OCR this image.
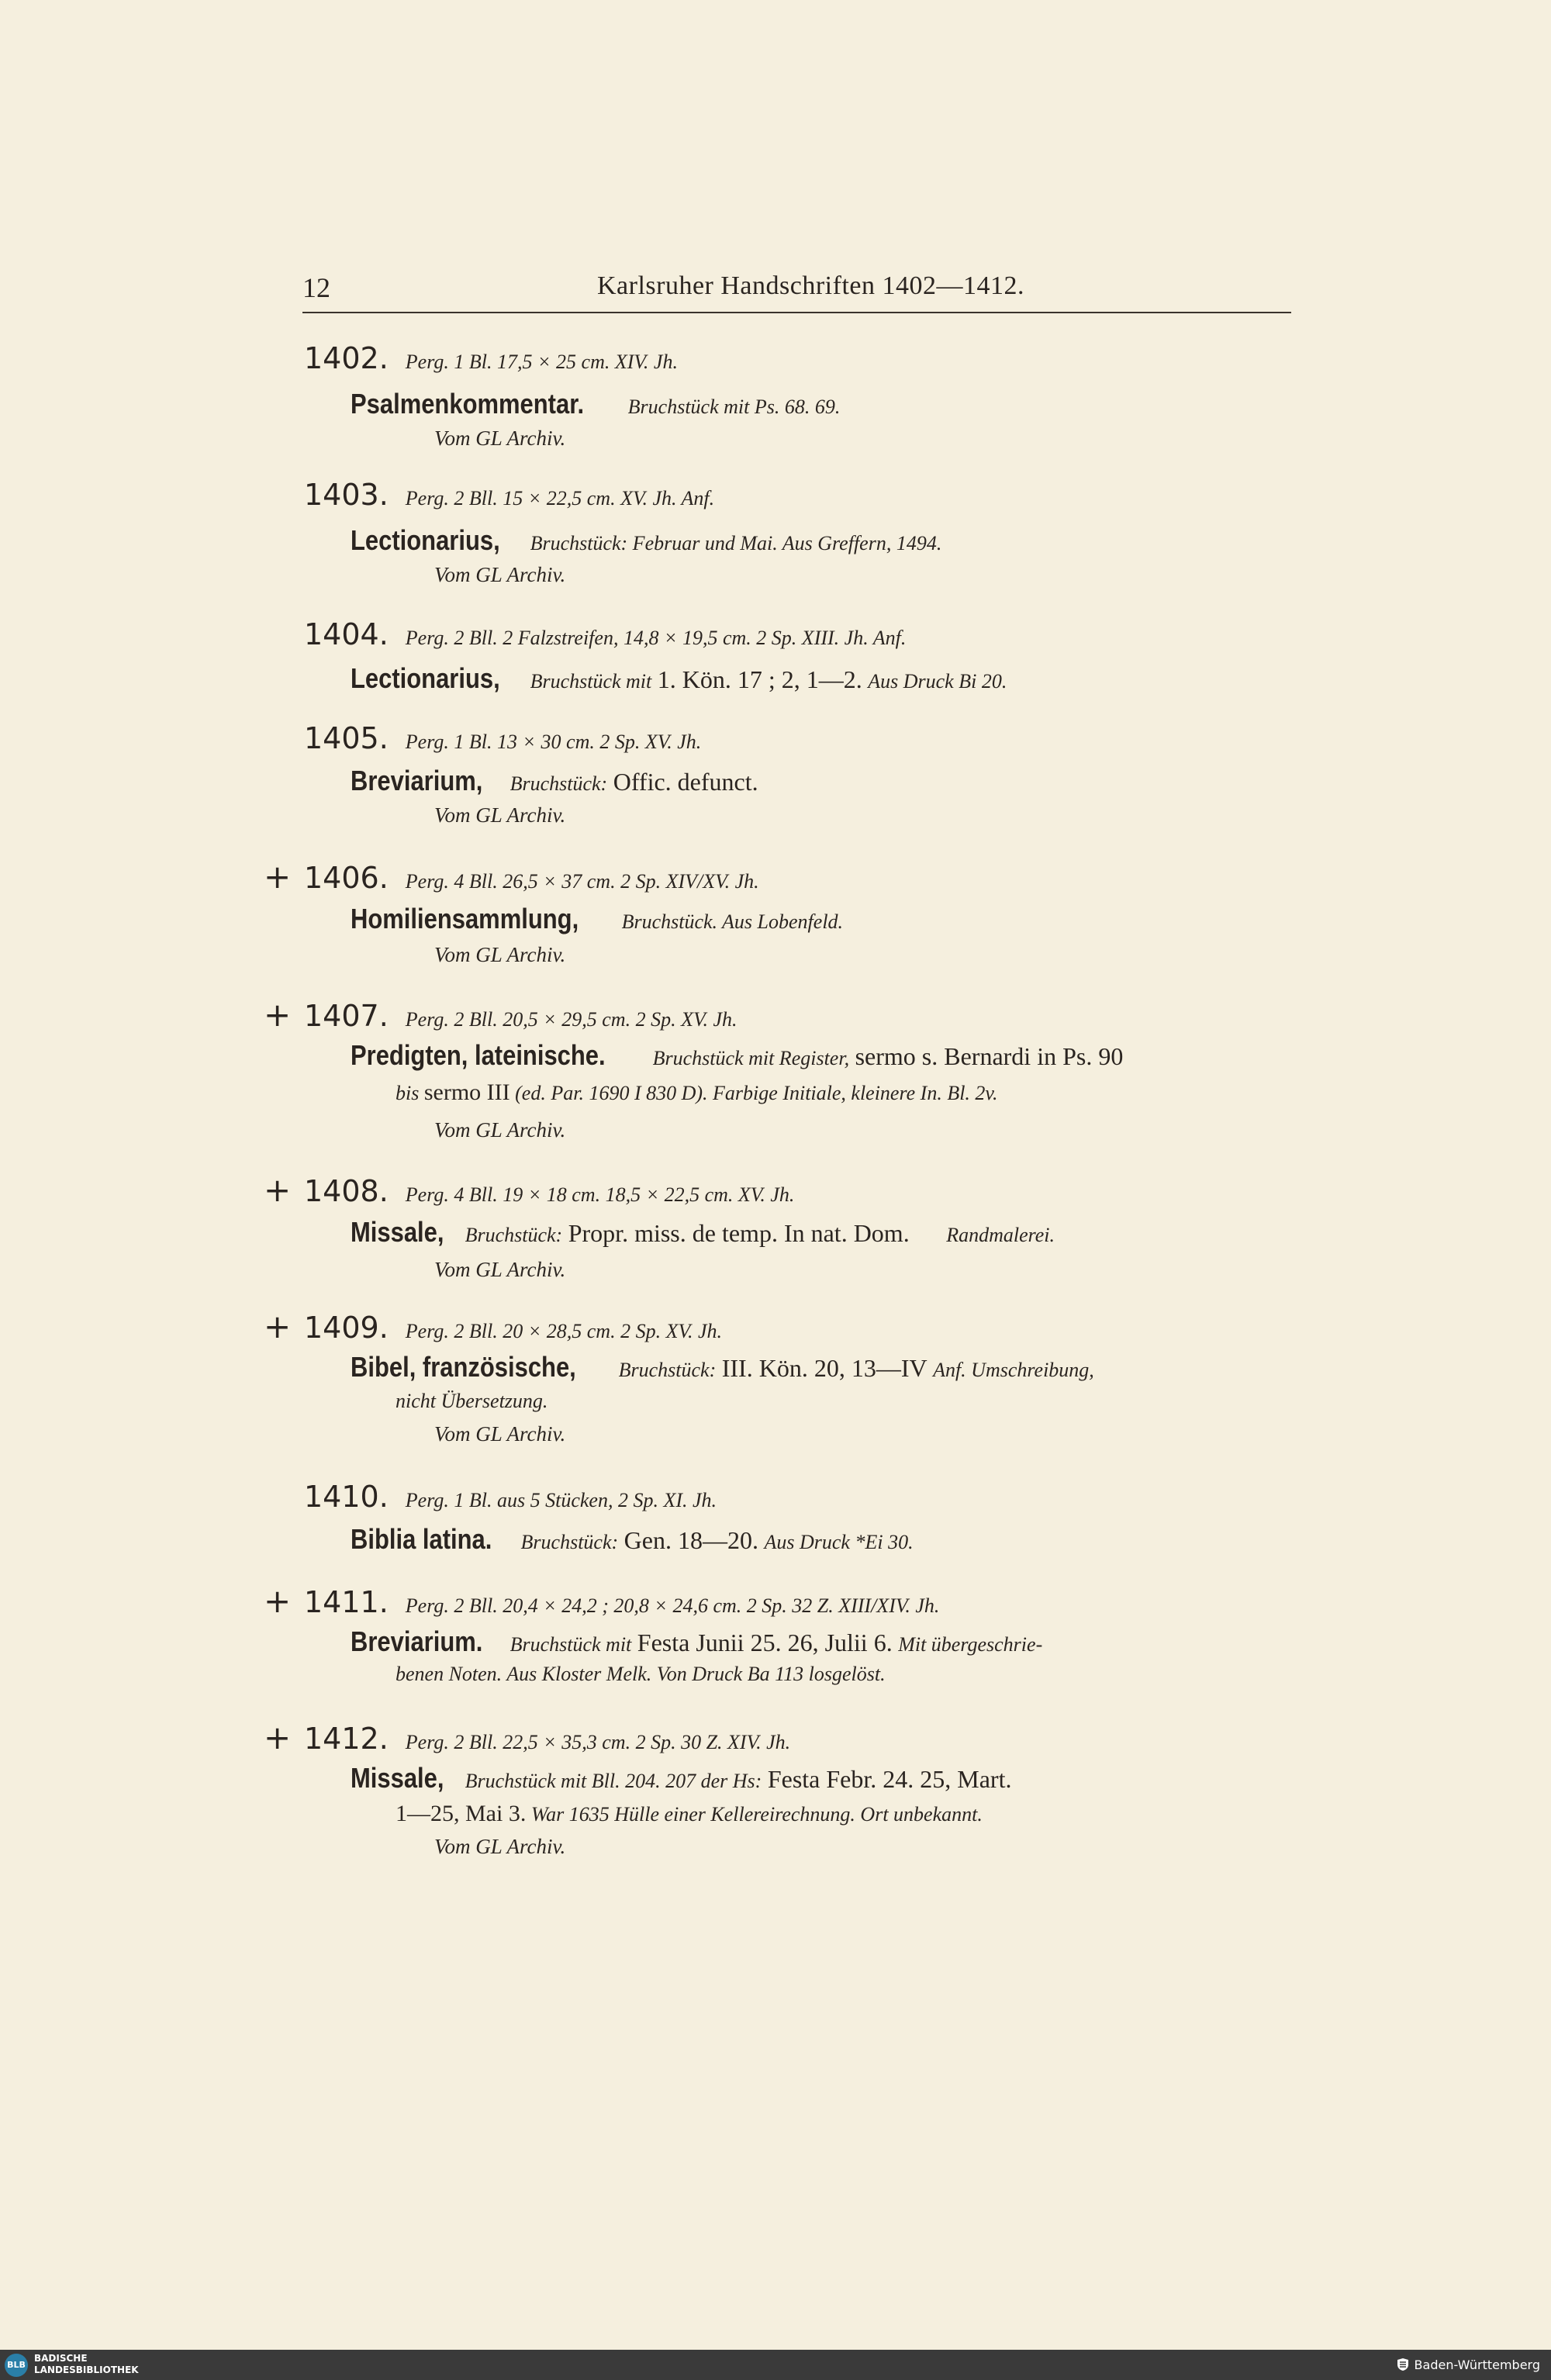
12	Karlsruher Handschriften 1402—1412.
1402. Perg. 1 Bl. 17,5 × 25 cm. XIV. Jh.
Psalmenkommentar. Bruchstück mit Ps. 68. 69.
Vom GL Archiv.
1403. Perg. 2 Bll. 15 × 22,5 cm. XV. Jh. Anf.
Lectionarius, Bruchstück: Februar und Mai. Aus Greffern, 1494.
Vom GL Archiv.
1404. Perg. 2 Bll. 2 Falzstreifen, 14,8 × 19,5 cm. 2 Sp. XIII. Jh. Anf.
Lectionarius, Bruchstück mit 1. Kön. 17 ; 2, 1—2. Aus Druck Bi 20.
1405. Perg. 1 Bl. 13 × 30 cm. 2 Sp. XV. Jh.
Breviarium, Bruchstück: Offic. defunct.
Vom GL Archiv.
+ 1406. Perg. 4 Bll. 26,5 × 37 cm. 2 Sp. XIV/XV. Jh.
Homiliensammlung, Bruchstück. Aus Lobenfeld.
Vom GL Archiv.
+ 1407. Perg. 2 Bll. 20,5 × 29,5 cm. 2 Sp. XV. Jh.
Predigten, lateinische. Bruchstück mit Register, sermo s. Bernardi in Ps. 90
bis sermo III (ed. Par. 1690 I 830 D). Farbige Initiale, kleinere In. Bl. 2v.
Vom GL Archiv.
+ 1408. Perg. 4 Bll. 19 × 18 cm. 18,5 × 22,5 cm. XV. Jh.
Missale, Bruchstück: Propr. miss. de temp. In nat. Dom. Randmalerei.
Vom GL Archiv.
+ 1409. Perg. 2 Bll. 20 × 28,5 cm. 2 Sp. XV. Jh.
Bibel, französische, Bruchstück: III. Kön. 20, 13—IV Anf. Umschreibung,
nicht Übersetzung.
Vom GL Archiv.
1410. Perg. 1 Bl. aus 5 Stücken, 2 Sp. XI. Jh.
Biblia latina. Bruchstück: Gen. 18—20. Aus Druck *Ei 30.
+ 1411. Perg. 2 Bll. 20,4 × 24,2 ; 20,8 × 24,6 cm. 2 Sp. 32 Z. XIII/XIV. Jh.
Breviarium. Bruchstück mit Festa Junii 25. 26, Julii 6. Mit übergeschrie-
benen Noten. Aus Kloster Melk. Von Druck Ba 113 losgelöst.
+ 1412. Perg. 2 Bll. 22,5 × 35,3 cm. 2 Sp. 30 Z. XIV. Jh.
Missale, Bruchstück mit Bll. 204. 207 der Hs: Festa Febr. 24. 25, Mart.
1—25, Mai 3. War 1635 Hülle einer Kellereirechnung. Ort unbekannt.
Vom GL Archiv.
BLB
BADISCHE
LANDESBIBLIOTHEK	Baden-Württemberg
